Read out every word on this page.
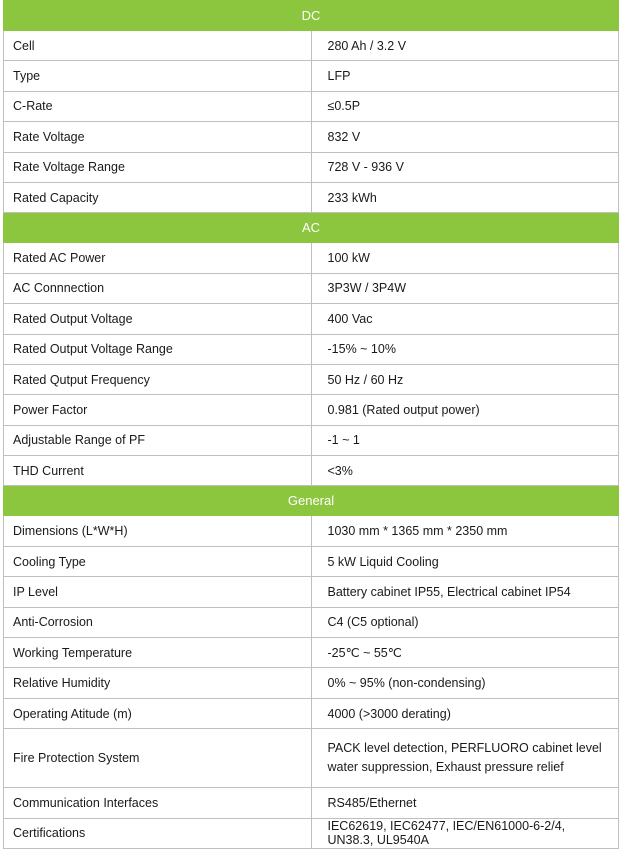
DC	
Cell	280 Ah / 3.2 V
Type	LFP
C-Rate	≤0.5P
Rate Voltage	832 V
Rate Voltage Range	728 V - 936 V
Rated Capacity	233 kWh
AC	
Rated AC Power	100 kW
AC Connnection	3P3W / 3P4W
Rated Output Voltage	400 Vac
Rated Output Voltage Range	-15% ~ 10%
Rated Qutput Frequency	50 Hz / 60 Hz
Power Factor	0.981 (Rated output power)
Adjustable Range of PF	-1 ~ 1
THD Current	<3%
General	
Dimensions (L*W*H)	1030 mm * 1365 mm * 2350 mm
Cooling Type	5 kW Liquid Cooling
IP Level	Battery cabinet IP55, Electrical cabinet IP54
Anti-Corrosion	C4 (C5 optional)
Working Temperature	-25℃ ~ 55℃
Relative Humidity	0% ~ 95% (non-condensing)
Operating Atitude (m)	4000 (>3000 derating)
Fire Protection System	PACK level detection, PERFLUORO cabinet level water suppression, Exhaust pressure relief
Communication Interfaces	RS485/Ethernet
Certifications	IEC62619, IEC62477, IEC/EN61000-6-2/4, UN38.3, UL9540A
